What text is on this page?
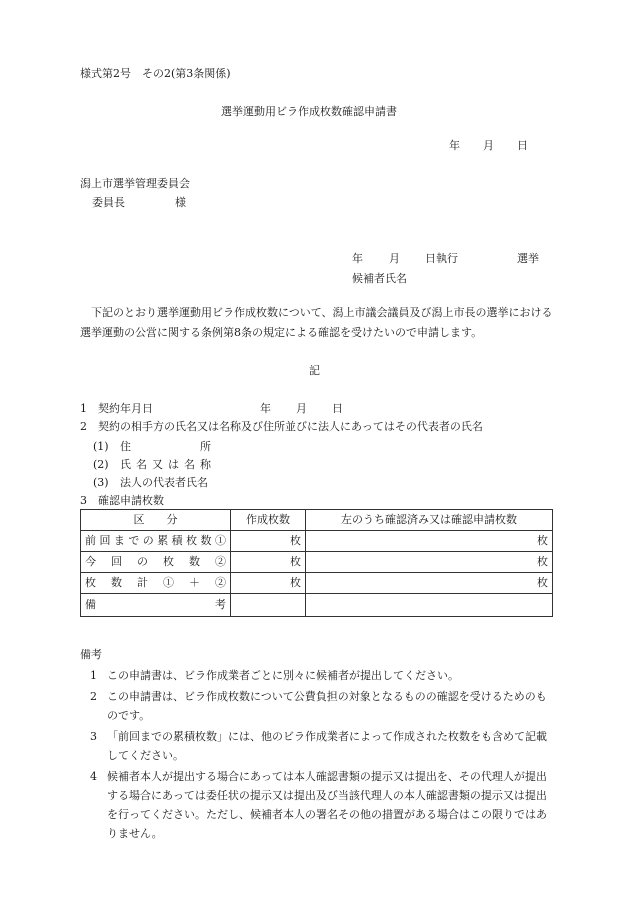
様式第2号　その2(第3条関係)
選挙運動用ビラ作成枚数確認申請書
年 月 日
潟上市選挙管理委員会
委員長	様
年 月 日執行	選挙
候補者氏名
下記のとおり選挙運動用ビラ作成枚数について、潟上市議会議員及び潟上市長の選挙における選挙運動の公営に関する条例第8条の規定による確認を受けたいので申請します。
記
1　契約年月日	年 月 日
2　契約の相手方の氏名又は名称及び住所並びに法人にあってはその代表者の氏名
(1) 住	所
(2) 氏名又は名称
(3) 法人の代表者氏名
3　確認申請枚数
区　　分	作成枚数	左のうち確認済み又は確認申請枚数

前回までの累積枚数①	枚	枚

今回の枚数②	枚	枚

枚数計①＋②	枚	枚

備考		

備考
1 この申請書は、ビラ作成業者ごとに別々に候補者が提出してください。
2 この申請書は、ビラ作成枚数について公費負担の対象となるものの確認を受けるためのものです。
3 「前回までの累積枚数」には、他のビラ作成業者によって作成された枚数をも含めて記載してください。
4 候補者本人が提出する場合にあっては本人確認書類の提示又は提出を、その代理人が提出する場合にあっては委任状の提示又は提出及び当該代理人の本人確認書類の提示又は提出を行ってください。ただし、候補者本人の署名その他の措置がある場合はこの限りではありません。
